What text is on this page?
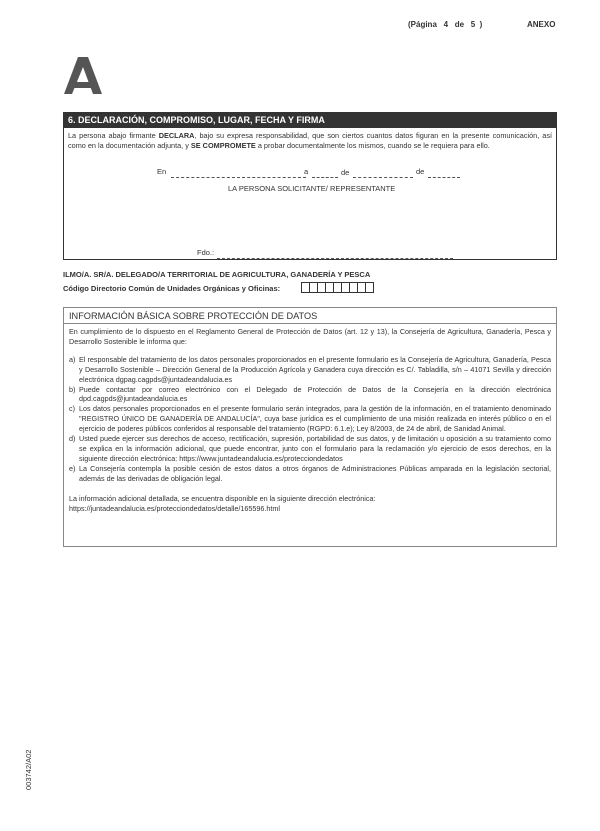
(Página 4 de 5 )	ANEXO
6. DECLARACIÓN, COMPROMISO, LUGAR, FECHA Y FIRMA
La persona abajo firmante DECLARA, bajo su expresa responsabilidad, que son ciertos cuantos datos figuran en la presente comunicación, así como en la documentación adjunta, y SE COMPROMETE a probar documentalmente los mismos, cuando se le requiera para ello.
En	a	de	de
LA PERSONA SOLICITANTE/ REPRESENTANTE
Fdo.:
ILMO/A. SR/A. DELEGADO/A TERRITORIAL DE AGRICULTURA, GANADERÍA Y PESCA
Código Directorio Común de Unidades Orgánicas y Oficinas:
INFORMACIÓN BÁSICA SOBRE PROTECCIÓN DE DATOS

En cumplimiento de lo dispuesto en el Reglamento General de Protección de Datos (art. 12 y 13), la Consejería de Agricultura, Ganadería, Pesca y Desarrollo Sostenible le informa que:

a) El responsable del tratamiento de los datos personales proporcionados en el presente formulario es la Consejería de Agricultura, Ganadería, Pesca y Desarrollo Sostenible – Dirección General de la Producción Agrícola y Ganadera cuya dirección es C/. Tabladilla, s/n – 41071 Sevilla y dirección electrónica dgpag.cagpds@juntadeandalucia.es
b) Puede contactar por correo electrónico con el Delegado de Protección de Datos de la Consejería en la dirección electrónica dpd.cagpds@juntadeandalucia.es
c) Los datos personales proporcionados en el presente formulario serán integrados, para la gestión de la información, en el tratamiento denominado "REGISTRO ÚNICO DE GANADERÍA DE ANDALUCÍA", cuya base jurídica es el cumplimiento de una misión realizada en interés público o en el ejercicio de poderes públicos conferidos al responsable del tratamiento (RGPD: 6.1.e); Ley 8/2003, de 24 de abril, de Sanidad Animal.
d) Usted puede ejercer sus derechos de acceso, rectificación, supresión, portabilidad de sus datos, y de limitación u oposición a su tratamiento como se explica en la información adicional, que puede encontrar, junto con el formulario para la reclamación y/o ejercicio de esos derechos, en la siguiente dirección electrónica: https://www.juntadeandalucia.es/protecciondedatos
e) La Consejería contempla la posible cesión de estos datos a otros órganos de Administraciones Públicas amparada en la legislación sectorial, además de las derivadas de obligación legal.
La información adicional detallada, se encuentra disponible en la siguiente dirección electrónica:
https://juntadeandalucia.es/protecciondedatos/detalle/165596.html
003742/A02
